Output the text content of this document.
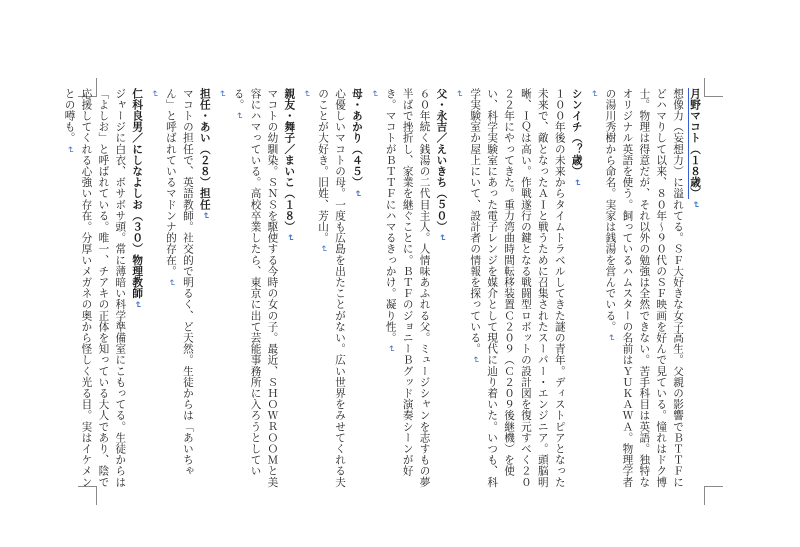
月野マコト（１８歳）↵

想像力（妄想力）に溢れてる。ＳＦ大好きな女子高生。父親の影響でＢＴＴＦにどハマりして以来、８０年～９０代のＳＦ映画を好んで見ている。憧れはドク博士。物理は得意だが、それ以外の勉強は全然できない。苦手科目は英語。独特なオリジナル英語を使う。飼っているハムスターの名前はＹＵＫＡＷＡ。物理学者の湯川秀樹から命名。実家は銭湯を営んでいる。↵

↵

シンイチ（？歳）↵

１００年後の未来からタイムトラベルしてきた謎の青年。ディストピアとなった未来で、敵となったＡＩと戦うために召集されたスーパー・エンジニア。頭脳明晰、ＩＱは高い。作戦遂行の鍵となる戦闘型ロボットの設計図を復元すべく２０２２年にやってきた。重力湾曲時間転移装置Ｃ２０９（Ｃ２０９後継機）を使い、科学実験室にあった電子レンジを媒介として現代に辿り着いた。いつも、科学実験室か屋上にいて、設計者の情報を探っている。↵

↵

父・永吉／えいきち（５０）↵

６０年続く銭湯の二代目主人。人情味あふれる父。ミュージシャンを志すもの夢半ばで挫折し、家業を継ぐことに。ＢＴＦのジョニーＢグッド演奏シーンが好き。マコトがＢＴＴＦにハマるきっかけ。凝り性。↵

↵

母・あかり（４５）↵

心優しいマコトの母。一度も広島を出たことがない。広い世界をみせてくれる夫のことが大好き。旧姓、芳山。↵

↵

親友・舞子／まいこ（１８）↵

マコトの幼馴染。ＳＮＳを駆使する今時の女の子。最近、ＳＨＯＷＲＯＯＭと美容にハマっている。高校卒業したら、東京に出て芸能事務所に入ろうとしている。↵

↵

担任・あい（２８）担任↵

マコトの担任で、英語教師。社交的で明るく、ど天然。生徒からは「あいちゃん」と呼ばれているマドンナ的存在。↵

↵

仁科良男／にしなよしお（３０）物理教師↵

ジャージに白衣、ボサボサ頭。常に薄暗い科学準備室にこもってる。生徒からは「よしお」と呼ばれている。唯一、チアキの正体を知っている大人であり、陰で応援してくれる心強い存在。分厚いメガネの奥から怪しく光る目。実はイケメンとの噂も。↵
